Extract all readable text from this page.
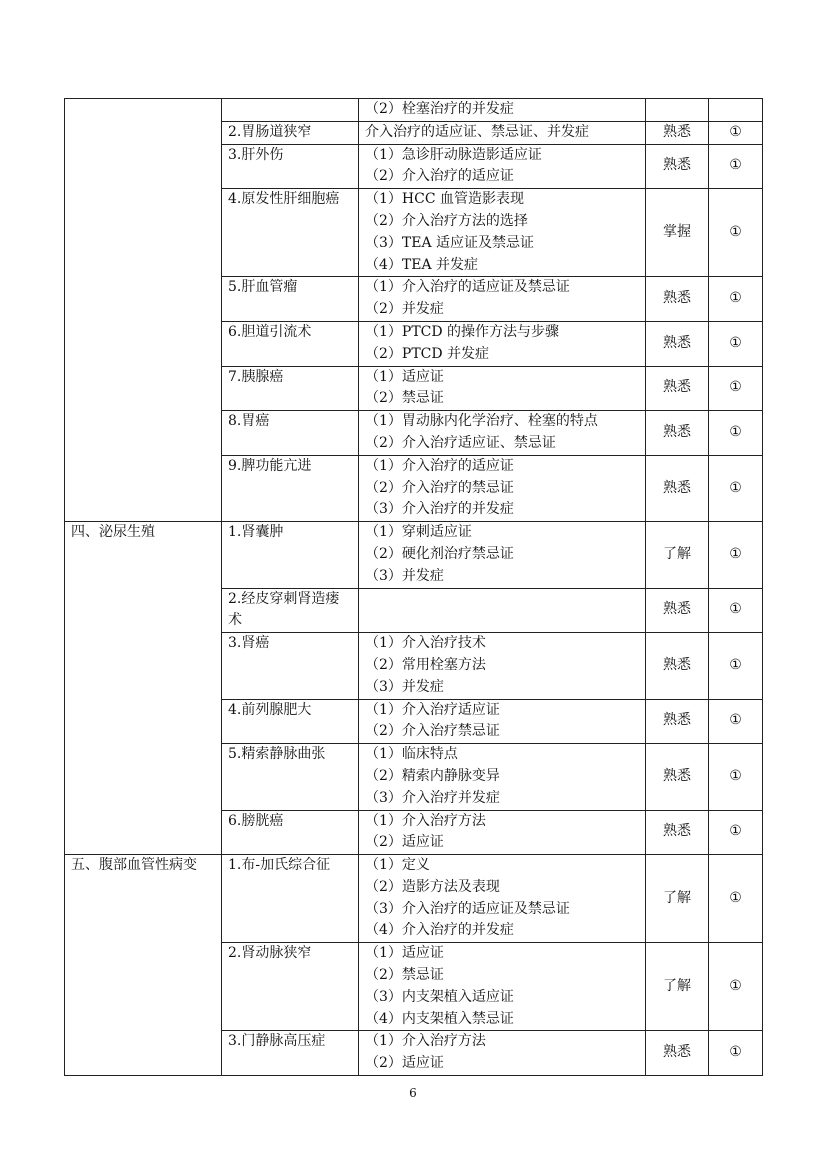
		（2）栓塞治疗的并发症		

	2.胃肠道狭窄	介入治疗的适应证、禁忌证、并发症	熟悉	①
	3.肝外伤	（1）急诊肝动脉造影适应证
（2）介入治疗的适应证	熟悉	①
	4.原发性肝细胞癌	（1）HCC 血管造影表现
（2）介入治疗方法的选择
（3）TEA 适应证及禁忌证
（4）TEA 并发症	掌握	①
	5.肝血管瘤	（1）介入治疗的适应证及禁忌证
（2）并发症	熟悉	①
	6.胆道引流术	（1）PTCD 的操作方法与步骤
（2）PTCD 并发症	熟悉	①
	7.胰腺癌	（1）适应证
（2）禁忌证	熟悉	①
	8.胃癌	（1）胃动脉内化学治疗、栓塞的特点
（2）介入治疗适应证、禁忌证	熟悉	①
	9.脾功能亢进	（1）介入治疗的适应证
（2）介入治疗的禁忌证
（3）介入治疗的并发症	熟悉	①
四、泌尿生殖	1.肾囊肿	（1）穿刺适应证
（2）硬化剂治疗禁忌证
（3）并发症	了解	①
	2.经皮穿刺肾造瘘术		熟悉	①
	3.肾癌	（1）介入治疗技术
（2）常用栓塞方法
（3）并发症	熟悉	①
	4.前列腺肥大	（1）介入治疗适应证
（2）介入治疗禁忌证	熟悉	①
	5.精索静脉曲张	（1）临床特点
（2）精索内静脉变异
（3）介入治疗并发症	熟悉	①
	6.膀胱癌	（1）介入治疗方法
（2）适应证	熟悉	①
五、腹部血管性病变	1.布-加氏综合征	（1）定义
（2）造影方法及表现
（3）介入治疗的适应证及禁忌证
（4）介入治疗的并发症	了解	①
	2.肾动脉狭窄	（1）适应证
（2）禁忌证
（3）内支架植入适应证
（4）内支架植入禁忌证	了解	①
	3.门静脉高压症	（1）介入治疗方法
（2）适应证	熟悉	①
6
